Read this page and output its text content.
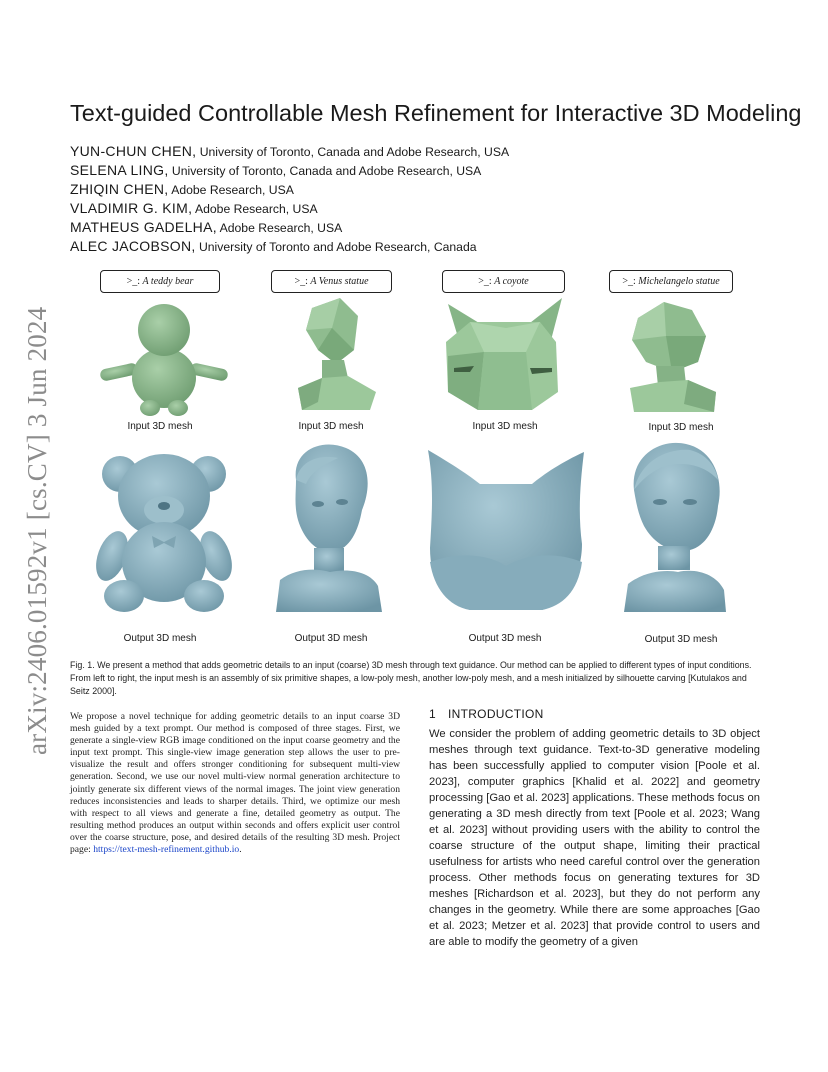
arXiv:2406.01592v1 [cs.CV] 3 Jun 2024
Text-guided Controllable Mesh Refinement for Interactive 3D Modeling
YUN-CHUN CHEN, University of Toronto, Canada and Adobe Research, USA
SELENA LING, University of Toronto, Canada and Adobe Research, USA
ZHIQIN CHEN, Adobe Research, USA
VLADIMIR G. KIM, Adobe Research, USA
MATHEUS GADELHA, Adobe Research, USA
ALEC JACOBSON, University of Toronto and Adobe Research, Canada
>_: A teddy bear	>_: A Venus statue	>_: A coyote	>_: Michelangelo statue
Input 3D mesh	Input 3D mesh	Input 3D mesh	Input 3D mesh
Output 3D mesh	Output 3D mesh	Output 3D mesh	Output 3D mesh
Fig. 1. We present a method that adds geometric details to an input (coarse) 3D mesh through text guidance. Our method can be applied to different types of input conditions. From left to right, the input mesh is an assembly of six primitive shapes, a low-poly mesh, another low-poly mesh, and a mesh initialized by silhouette carving [Kutulakos and Seitz 2000].
We propose a novel technique for adding geometric details to an input coarse 3D mesh guided by a text prompt. Our method is composed of three stages. First, we generate a single-view RGB image conditioned on the input coarse geometry and the input text prompt. This single-view image generation step allows the user to pre-visualize the result and offers stronger conditioning for subsequent multi-view generation. Second, we use our novel multi-view normal generation architecture to jointly generate six different views of the normal images. The joint view generation reduces inconsistencies and leads to sharper details. Third, we optimize our mesh with respect to all views and generate a fine, detailed geometry as output. The resulting method produces an output within seconds and offers explicit user control over the coarse structure, pose, and desired details of the resulting 3D mesh. Project page: https://text-mesh-refinement.github.io.
1 INTRODUCTION
We consider the problem of adding geometric details to 3D object meshes through text guidance. Text-to-3D generative modeling has been successfully applied to computer vision [Poole et al. 2023], computer graphics [Khalid et al. 2022] and geometry processing [Gao et al. 2023] applications. These methods focus on generating a 3D mesh directly from text [Poole et al. 2023; Wang et al. 2023] without providing users with the ability to control the coarse structure of the output shape, limiting their practical usefulness for artists who need careful control over the generation process. Other methods focus on generating textures for 3D meshes [Richardson et al. 2023], but they do not perform any changes in the geometry. While there are some approaches [Gao et al. 2023; Metzer et al. 2023] that provide control to users and are able to modify the geometry of a given
